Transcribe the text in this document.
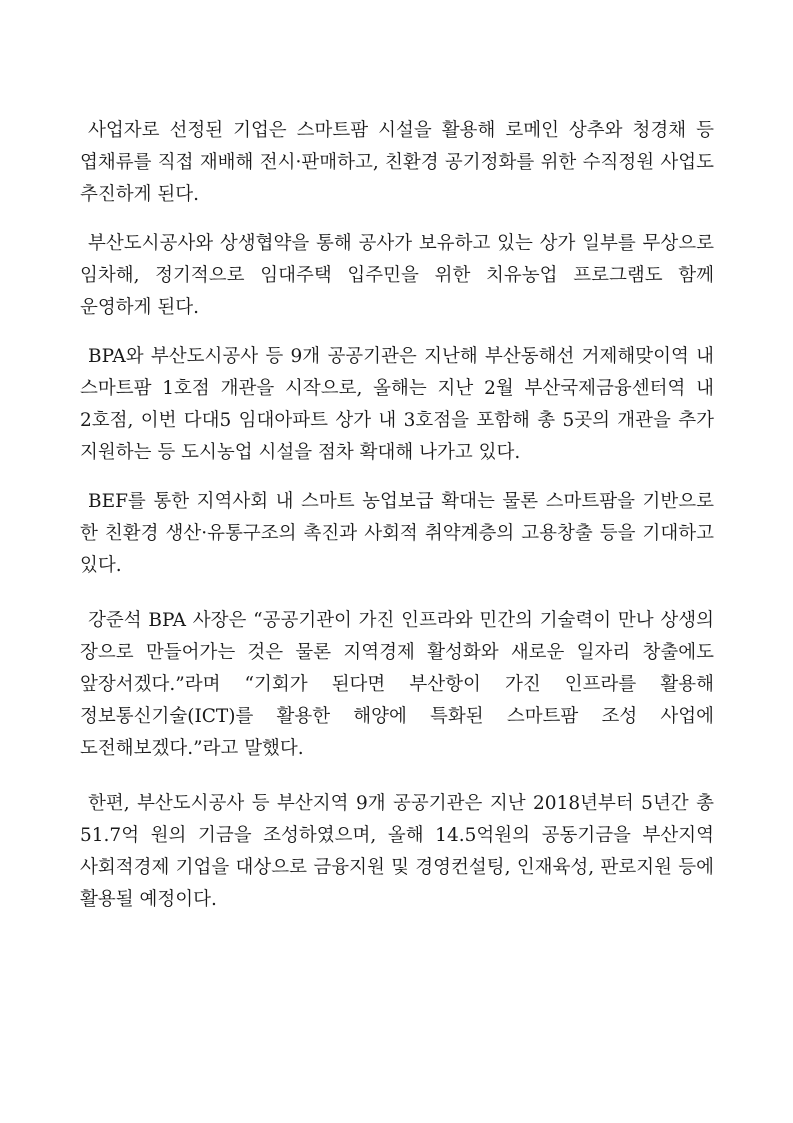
사업자로 선정된 기업은 스마트팜 시설을 활용해 로메인 상추와 청경채 등 엽채류를 직접 재배해 전시·판매하고, 친환경 공기정화를 위한 수직정원 사업도 추진하게 된다.

부산도시공사와 상생협약을 통해 공사가 보유하고 있는 상가 일부를 무상으로 임차해, 정기적으로 임대주택 입주민을 위한 치유농업 프로그램도 함께 운영하게 된다.

BPA와 부산도시공사 등 9개 공공기관은 지난해 부산동해선 거제해맞이역 내 스마트팜 1호점 개관을 시작으로, 올해는 지난 2월 부산국제금융센터역 내 2호점, 이번 다대5 임대아파트 상가 내 3호점을 포함해 총 5곳의 개관을 추가 지원하는 등 도시농업 시설을 점차 확대해 나가고 있다.

BEF를 통한 지역사회 내 스마트 농업보급 확대는 물론 스마트팜을 기반으로 한 친환경 생산·유통구조의 촉진과 사회적 취약계층의 고용창출 등을 기대하고 있다.

강준석 BPA 사장은 “공공기관이 가진 인프라와 민간의 기술력이 만나 상생의 장으로 만들어가는 것은 물론 지역경제 활성화와 새로운 일자리 창출에도 앞장서겠다.”라며 “기회가 된다면 부산항이 가진 인프라를 활용해 정보통신기술(ICT)를 활용한 해양에 특화된 스마트팜 조성 사업에 도전해보겠다.”라고 말했다.

한편, 부산도시공사 등 부산지역 9개 공공기관은 지난 2018년부터 5년간 총 51.7억 원의 기금을 조성하였으며, 올해 14.5억원의 공동기금을 부산지역 사회적경제 기업을 대상으로 금융지원 및 경영컨설팅, 인재육성, 판로지원 등에 활용될 예정이다.
